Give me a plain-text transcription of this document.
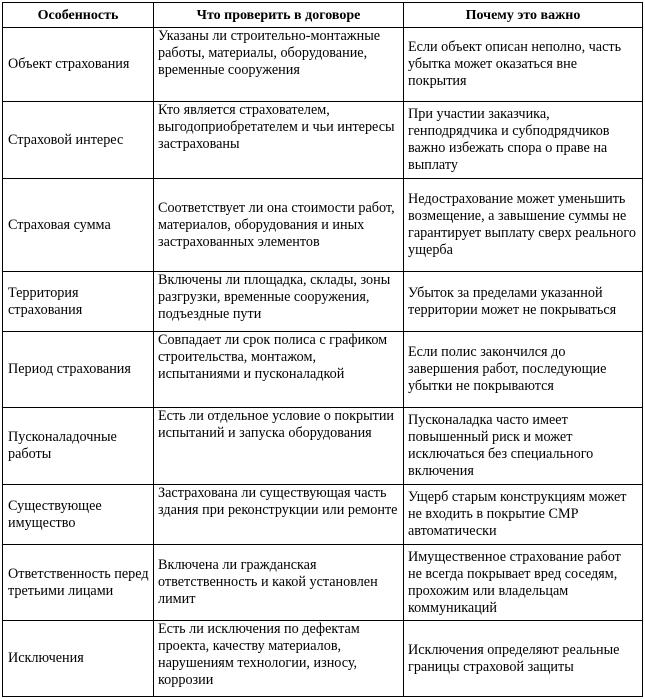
Особенность	Что проверить в договоре	Почему это важно
Объект страхования	Указаны ли строительно-монтажные работы, материалы, оборудование, временные сооружения	Если объект описан неполно, часть убытка может оказаться вне покрытия
Страховой интерес	Кто является страхователем, выгодоприобретателем и чьи интересы застрахованы	При участии заказчика, генподрядчика и субподрядчиков важно избежать спора о праве на выплату
Страховая сумма	Соответствует ли она стоимости работ, материалов, оборудования и иных застрахованных элементов	Недострахование может уменьшить возмещение, а завышение суммы не гарантирует выплату сверх реального ущерба
Территория страхования	Включены ли площадка, склады, зоны разгрузки, временные сооружения, подъездные пути	Убыток за пределами указанной территории может не покрываться
Период страхования	Совпадает ли срок полиса с графиком строительства, монтажом, испытаниями и пусконаладкой	Если полис закончился до завершения работ, последующие убытки не покрываются
Пусконаладочные работы	Есть ли отдельное условие о покрытии испытаний и запуска оборудования	Пусконаладка часто имеет повышенный риск и может исключаться без специального включения
Существующее имущество	Застрахована ли существующая часть здания при реконструкции или ремонте	Ущерб старым конструкциям может не входить в покрытие СМР автоматически
Ответственность перед третьими лицами	Включена ли гражданская ответственность и какой установлен лимит	Имущественное страхование работ не всегда покрывает вред соседям, прохожим или владельцам коммуникаций
Исключения	Есть ли исключения по дефектам проекта, качеству материалов, нарушениям технологии, износу, коррозии	Исключения определяют реальные границы страховой защиты
